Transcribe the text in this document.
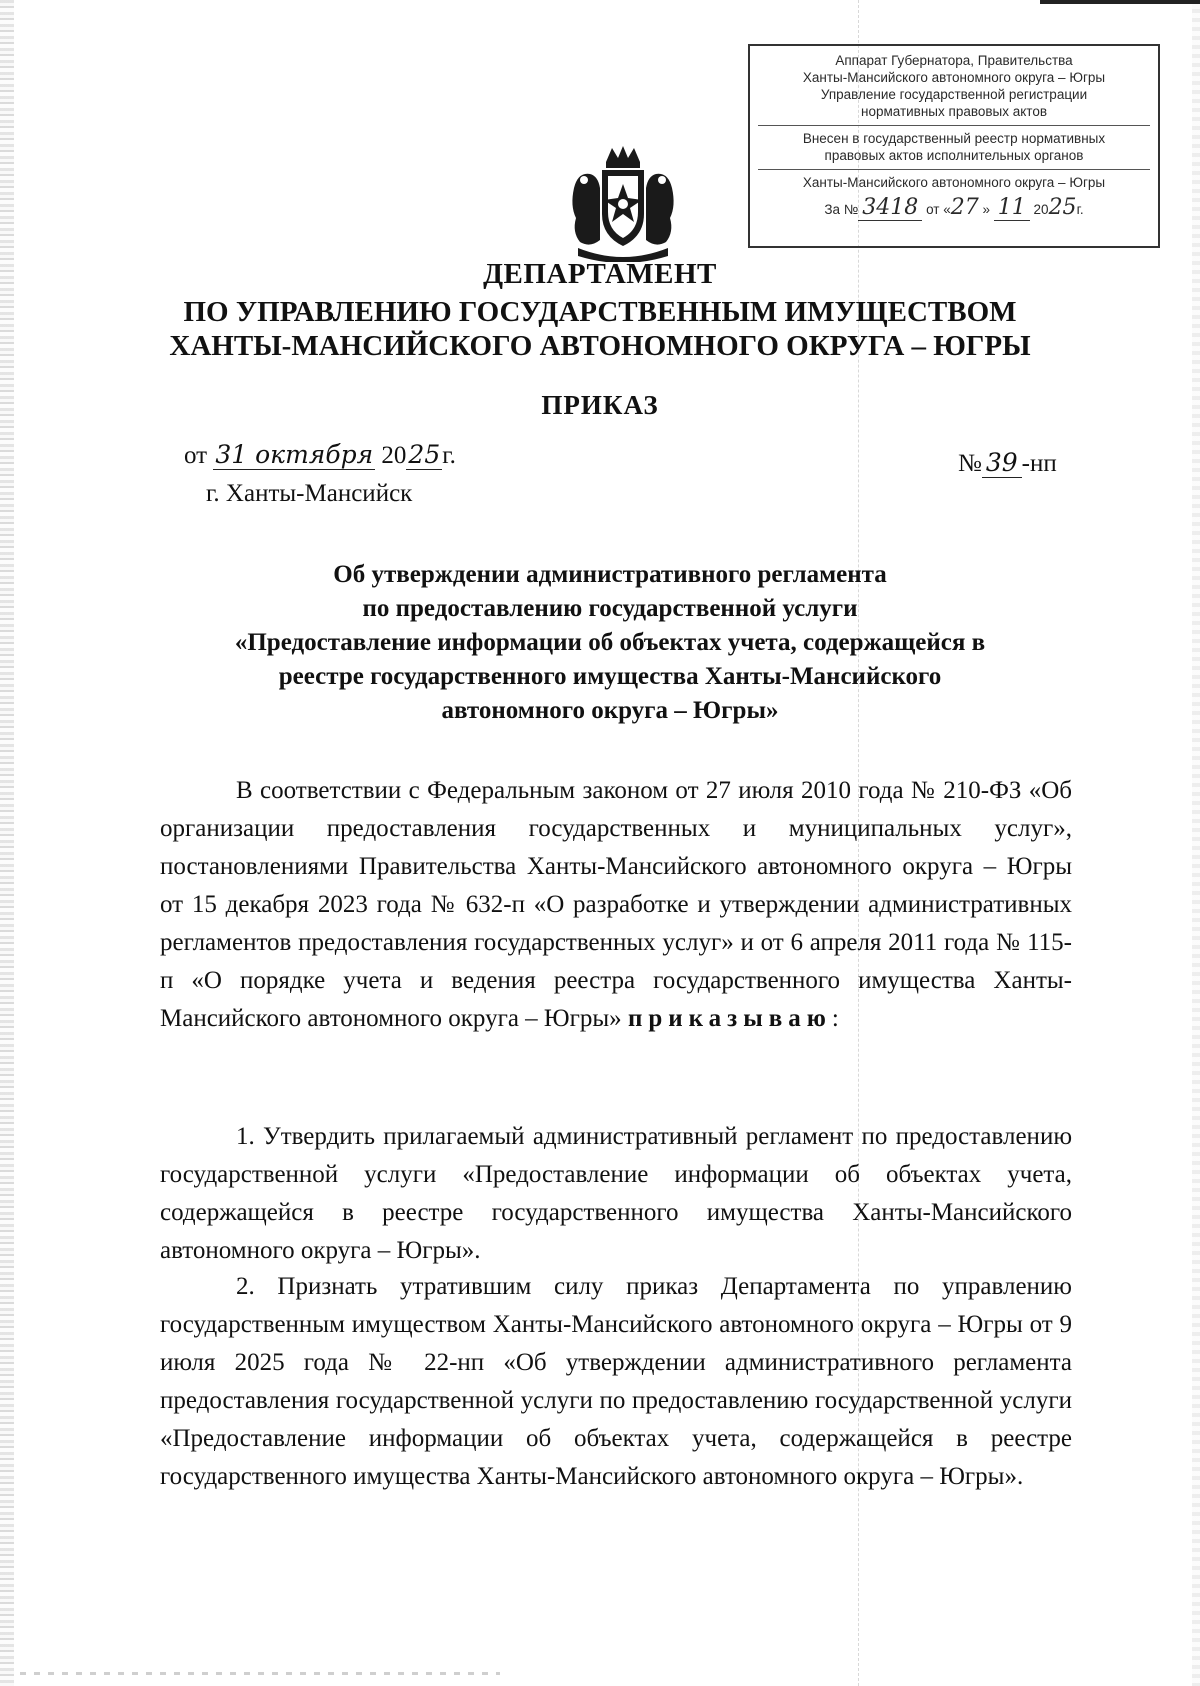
Аппарат Губернатора, Правительства
Ханты-Мансийского автономного округа – Югры
Управление государственной регистрации
нормативных правовых актов
Внесен в государственный реестр нормативных
правовых актов исполнительных органов
Ханты-Мансийского автономного округа – Югры
За № 3418 от «27 » 11 2025г.
ДЕПАРТАМЕНТ
ПО УПРАВЛЕНИЮ ГОСУДАРСТВЕННЫМ ИМУЩЕСТВОМ
ХАНТЫ-МАНСИЙСКОГО АВТОНОМНОГО ОКРУГА – ЮГРЫ
ПРИКАЗ
от 31 октября 2025г.
г. Ханты-Мансийск
№ 39 -нп
Об утверждении административного регламента
по предоставлению государственной услуги
«Предоставление информации об объектах учета, содержащейся в
реестре государственного имущества Ханты-Мансийского
автономного округа – Югры»
В соответствии с Федеральным законом от 27 июля 2010 года № 210-ФЗ «Об организации предоставления государственных и муниципальных услуг», постановлениями Правительства Ханты-Мансийского автономного округа – Югры от 15 декабря 2023 года № 632-п «О разработке и утверждении административных регламентов предоставления государственных услуг» и от 6 апреля 2011 года № 115-п «О порядке учета и ведения реестра государственного имущества Ханты-Мансийского автономного округа – Югры» приказываю:
1. Утвердить прилагаемый административный регламент по предоставлению государственной услуги «Предоставление информации об объектах учета, содержащейся в реестре государственного имущества Ханты-Мансийского автономного округа – Югры».
2. Признать утратившим силу приказ Департамента по управлению государственным имуществом Ханты-Мансийского автономного округа – Югры от 9 июля 2025 года № 22-нп «Об утверждении административного регламента предоставления государственной услуги по предоставлению государственной услуги «Предоставление информации об объектах учета, содержащейся в реестре государственного имущества Ханты-Мансийского автономного округа – Югры».
